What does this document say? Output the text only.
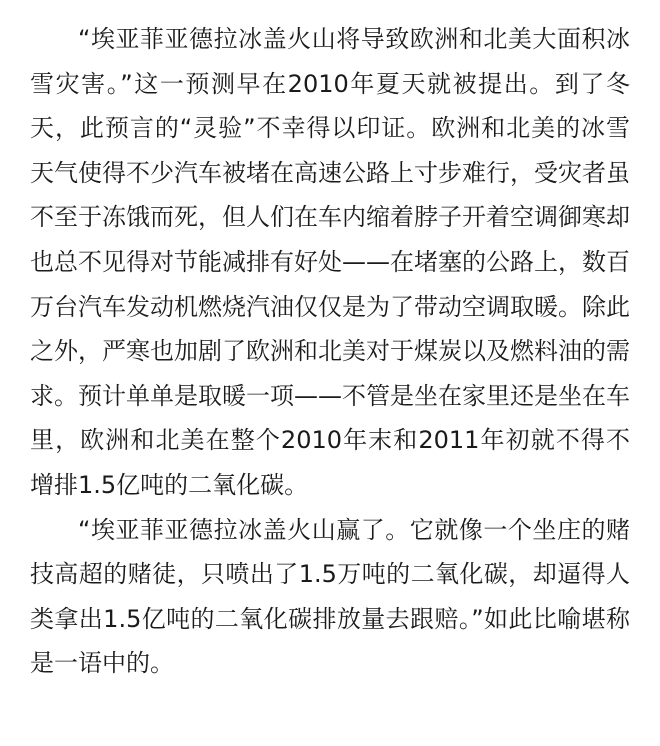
“埃亚菲亚德拉冰盖火山将导致欧洲和北美大面积冰雪灾害。”这一预测早在2010年夏天就被提出。到了冬天，此预言的“灵验”不幸得以印证。欧洲和北美的冰雪天气使得不少汽车被堵在高速公路上寸步难行，受灾者虽不至于冻饿而死，但人们在车内缩着脖子开着空调御寒却也总不见得对节能减排有好处——在堵塞的公路上，数百万台汽车发动机燃烧汽油仅仅是为了带动空调取暖。除此之外，严寒也加剧了欧洲和北美对于煤炭以及燃料油的需求。预计单单是取暖一项——不管是坐在家里还是坐在车里，欧洲和北美在整个2010年末和2011年初就不得不增排1.5亿吨的二氧化碳。

“埃亚菲亚德拉冰盖火山赢了。它就像一个坐庄的赌技高超的赌徒，只喷出了1.5万吨的二氧化碳，却逼得人类拿出1.5亿吨的二氧化碳排放量去跟赔。”如此比喻堪称是一语中的。
